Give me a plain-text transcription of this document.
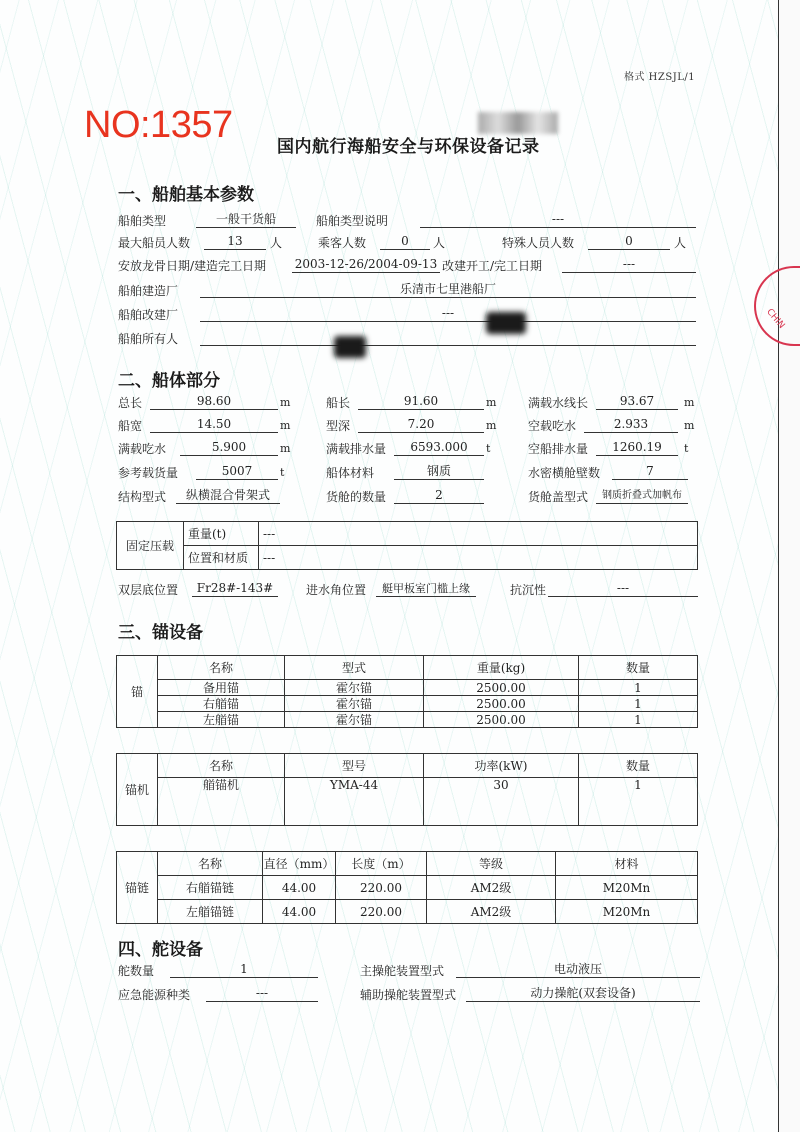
CHIN
格式 HZSJL/1
NO:1357
国内航行海船安全与环保设备记录
一、船舶基本参数
船舶类型	一般干货船	船舶类型说明	---
最大船员人数	13	人	乘客人数	0	人	特殊人员人数	0	人
安放龙骨日期/建造完工日期 2003-12-26/2004-09-13 改建开工/完工日期	---
船舶建造厂	乐清市七里港船厂
船舶改建厂	---
船舶所有人
二、船体部分
总长	98.60	m	船长	91.60	m	满载水线长	93.67	m
船宽	14.50	m	型深	7.20	m	空载吃水	2.933	m
满载吃水	5.900	m	满载排水量	6593.000	t	空船排水量	1260.19	t
参考载货量	5007	t	船体材料	钢质	水密横舱壁数	7
结构型式	纵横混合骨架式	货舱的数量	2	货舱盖型式	钢质折叠式加帆布
固定压载	重量(t)	---
	位置和材质	---
双层底位置	Fr28#-143#	进水角位置	艇甲板室门槛上缘	抗沉性	---
三、锚设备
锚	名称	型式	重量(kg)	数量
	备用锚	霍尔锚	2500.00	1
	右艏锚	霍尔锚	2500.00	1
	左艏锚	霍尔锚	2500.00	1
锚机	名称	型号	功率(kW)	数量
	艏锚机	YMA-44	30	1
锚链	名称	直径（mm）	长度（m）	等级	材料
	右艏锚链	44.00	220.00	AM2级	M20Mn
	左艏锚链	44.00	220.00	AM2级	M20Mn
四、舵设备
舵数量	1	主操舵装置型式	电动液压
应急能源种类	---	辅助操舵装置型式	动力操舵(双套设备)
